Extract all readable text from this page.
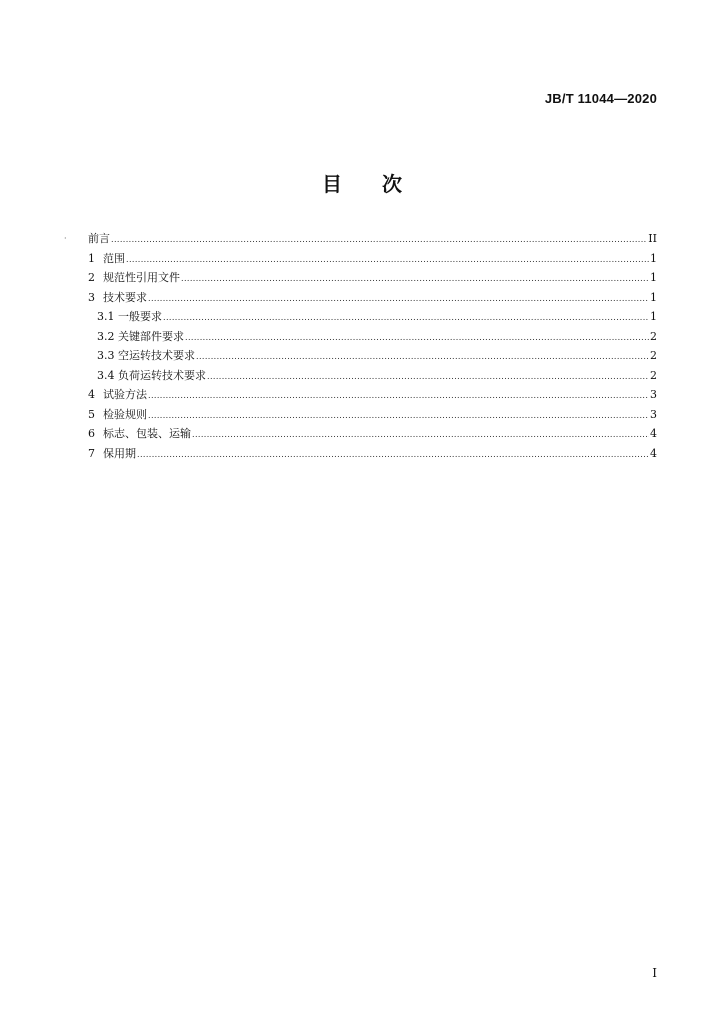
JB/T 11044—2020
目 次
· 前言 .....	II
1 范围 .....	1
2 规范性引用文件 .....	1
3 技术要求 .....	1
3.1 一般要求 .....	1
3.2 关键部件要求 .....	2
3.3 空运转技术要求 .....	2
3.4 负荷运转技术要求 .....	2
4 试验方法 .....	3
5 检验规则 .....	3
6 标志、包装、运输 .....	4
7 保用期 .....	4
I
